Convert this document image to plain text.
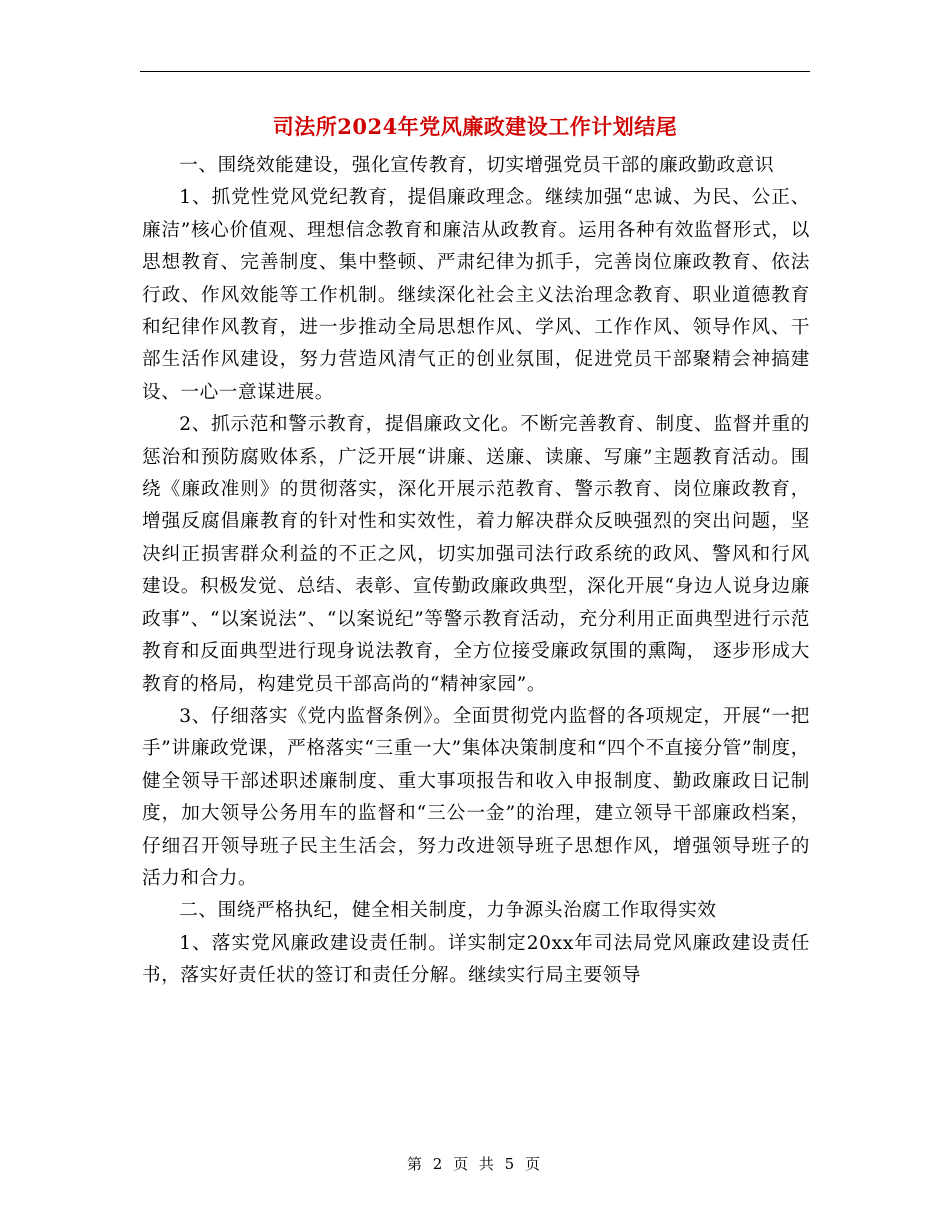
司法所2024年党风廉政建设工作计划结尾

一、围绕效能建设，强化宣传教育，切实增强党员干部的廉政勤政意识

1、抓党性党风党纪教育，提倡廉政理念。继续加强“忠诚、为民、公正、廉洁”核心价值观、理想信念教育和廉洁从政教育。运用各种有效监督形式，以思想教育、完善制度、集中整顿、严肃纪律为抓手，完善岗位廉政教育、依法行政、作风效能等工作机制。继续深化社会主义法治理念教育、职业道德教育和纪律作风教育，进一步推动全局思想作风、学风、工作作风、领导作风、干部生活作风建设，努力营造风清气正的创业氛围，促进党员干部聚精会神搞建设、一心一意谋进展。

2、抓示范和警示教育，提倡廉政文化。不断完善教育、制度、监督并重的惩治和预防腐败体系，广泛开展“讲廉、送廉、读廉、写廉”主题教育活动。围绕《廉政准则》的贯彻落实，深化开展示范教育、警示教育、岗位廉政教育，增强反腐倡廉教育的针对性和实效性，着力解决群众反映强烈的突出问题，坚决纠正损害群众利益的不正之风，切实加强司法行政系统的政风、警风和行风建设。积极发觉、总结、表彰、宣传勤政廉政典型，深化开展“身边人说身边廉政事”、“以案说法”、“以案说纪”等警示教育活动，充分利用正面典型进行示范教育和反面典型进行现身说法教育，全方位接受廉政氛围的熏陶， 逐步形成大教育的格局，构建党员干部高尚的“精神家园”。

3、仔细落实《党内监督条例》。全面贯彻党内监督的各项规定，开展“一把手”讲廉政党课，严格落实“三重一大”集体决策制度和“四个不直接分管”制度，健全领导干部述职述廉制度、重大事项报告和收入申报制度、勤政廉政日记制度，加大领导公务用车的监督和“三公一金”的治理，建立领导干部廉政档案，仔细召开领导班子民主生活会，努力改进领导班子思想作风，增强领导班子的活力和合力。

二、围绕严格执纪，健全相关制度，力争源头治腐工作取得实效

1、落实党风廉政建设责任制。详实制定20xx年司法局党风廉政建设责任书，落实好责任状的签订和责任分解。继续实行局主要领导

第 2 页 共 5 页
